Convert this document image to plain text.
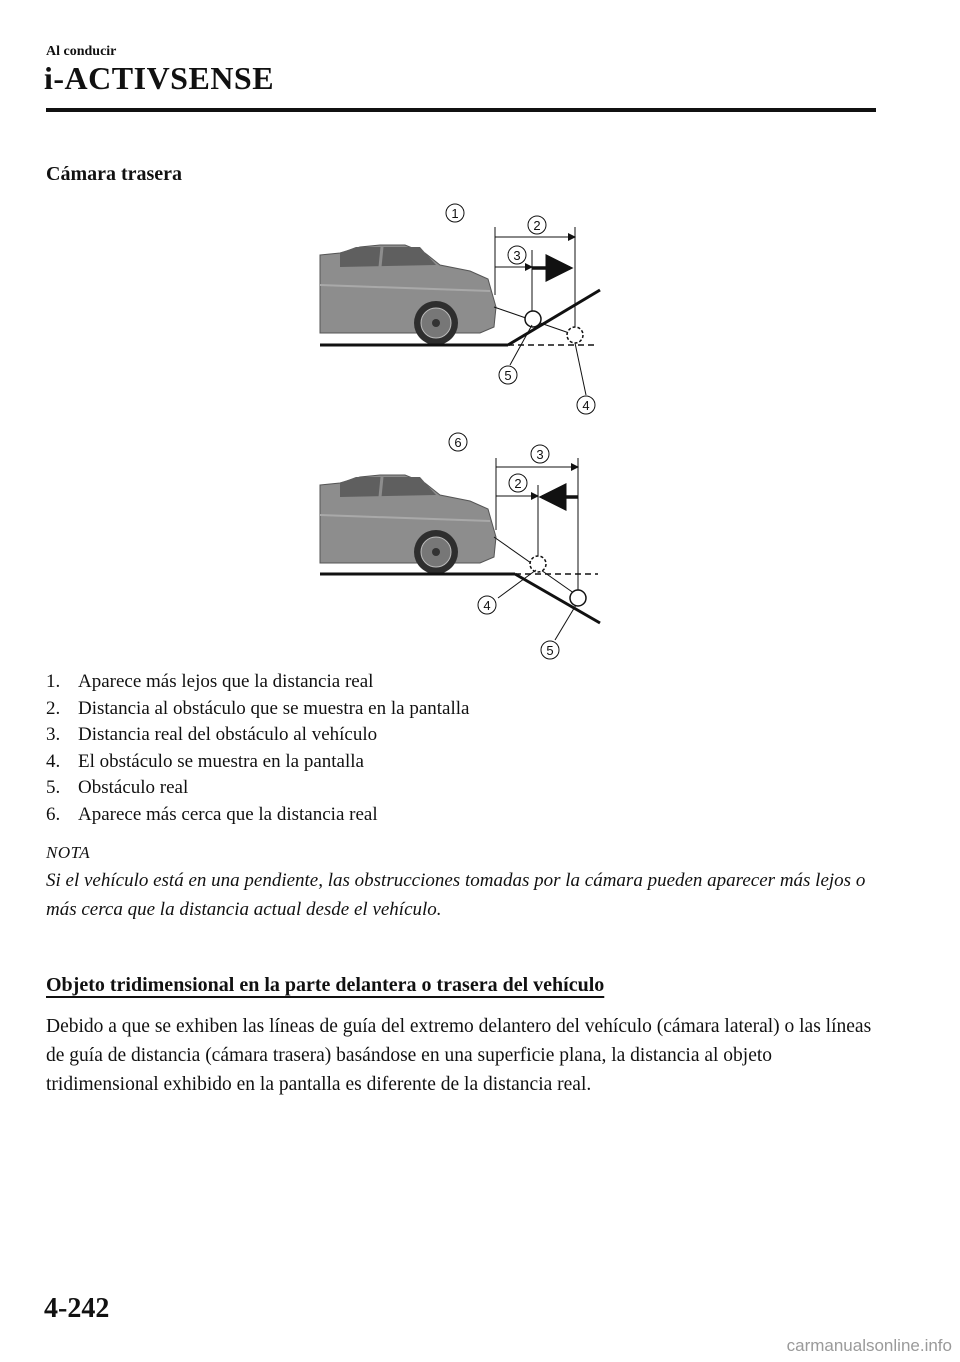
Al conducir
i-ACTIVSENSE
Cámara trasera
1
2
3
4
5
6
3
2
4
5
1. Aparece más lejos que la distancia real
2. Distancia al obstáculo que se muestra en la pantalla
3. Distancia real del obstáculo al vehículo
4. El obstáculo se muestra en la pantalla
5. Obstáculo real
6. Aparece más cerca que la distancia real
NOTA
Si el vehículo está en una pendiente, las obstrucciones tomadas por la cámara pueden aparecer más lejos o más cerca que la distancia actual desde el vehículo.
Objeto tridimensional en la parte delantera o trasera del vehículo
Debido a que se exhiben las líneas de guía del extremo delantero del vehículo (cámara lateral) o las líneas de guía de distancia (cámara trasera) basándose en una superficie plana, la distancia al objeto tridimensional exhibido en la pantalla es diferente de la distancia real.
4-242
carmanualsonline.info
